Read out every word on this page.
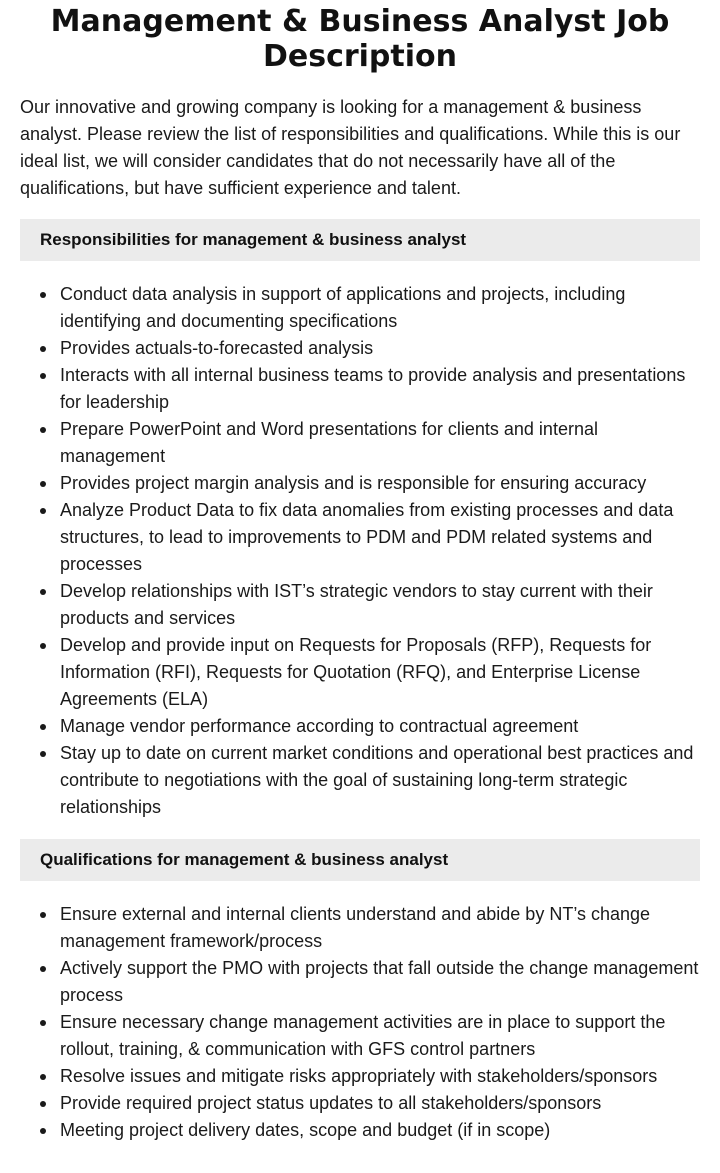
Management & Business Analyst Job Description

Our innovative and growing company is looking for a management & business analyst. Please review the list of responsibilities and qualifications. While this is our ideal list, we will consider candidates that do not necessarily have all of the qualifications, but have sufficient experience and talent.

Responsibilities for management & business analyst
Conduct data analysis in support of applications and projects, including identifying and documenting specifications
Provides actuals-to-forecasted analysis
Interacts with all internal business teams to provide analysis and presentations for leadership
Prepare PowerPoint and Word presentations for clients and internal management
Provides project margin analysis and is responsible for ensuring accuracy
Analyze Product Data to fix data anomalies from existing processes and data structures, to lead to improvements to PDM and PDM related systems and processes
Develop relationships with IST’s strategic vendors to stay current with their products and services
Develop and provide input on Requests for Proposals (RFP), Requests for Information (RFI), Requests for Quotation (RFQ), and Enterprise License Agreements (ELA)
Manage vendor performance according to contractual agreement
Stay up to date on current market conditions and operational best practices and contribute to negotiations with the goal of sustaining long-term strategic relationships
Qualifications for management & business analyst
Ensure external and internal clients understand and abide by NT’s change management framework/process
Actively support the PMO with projects that fall outside the change management process
Ensure necessary change management activities are in place to support the rollout, training, & communication with GFS control partners
Resolve issues and mitigate risks appropriately with stakeholders/sponsors
Provide required project status updates to all stakeholders/sponsors
Meeting project delivery dates, scope and budget (if in scope)
